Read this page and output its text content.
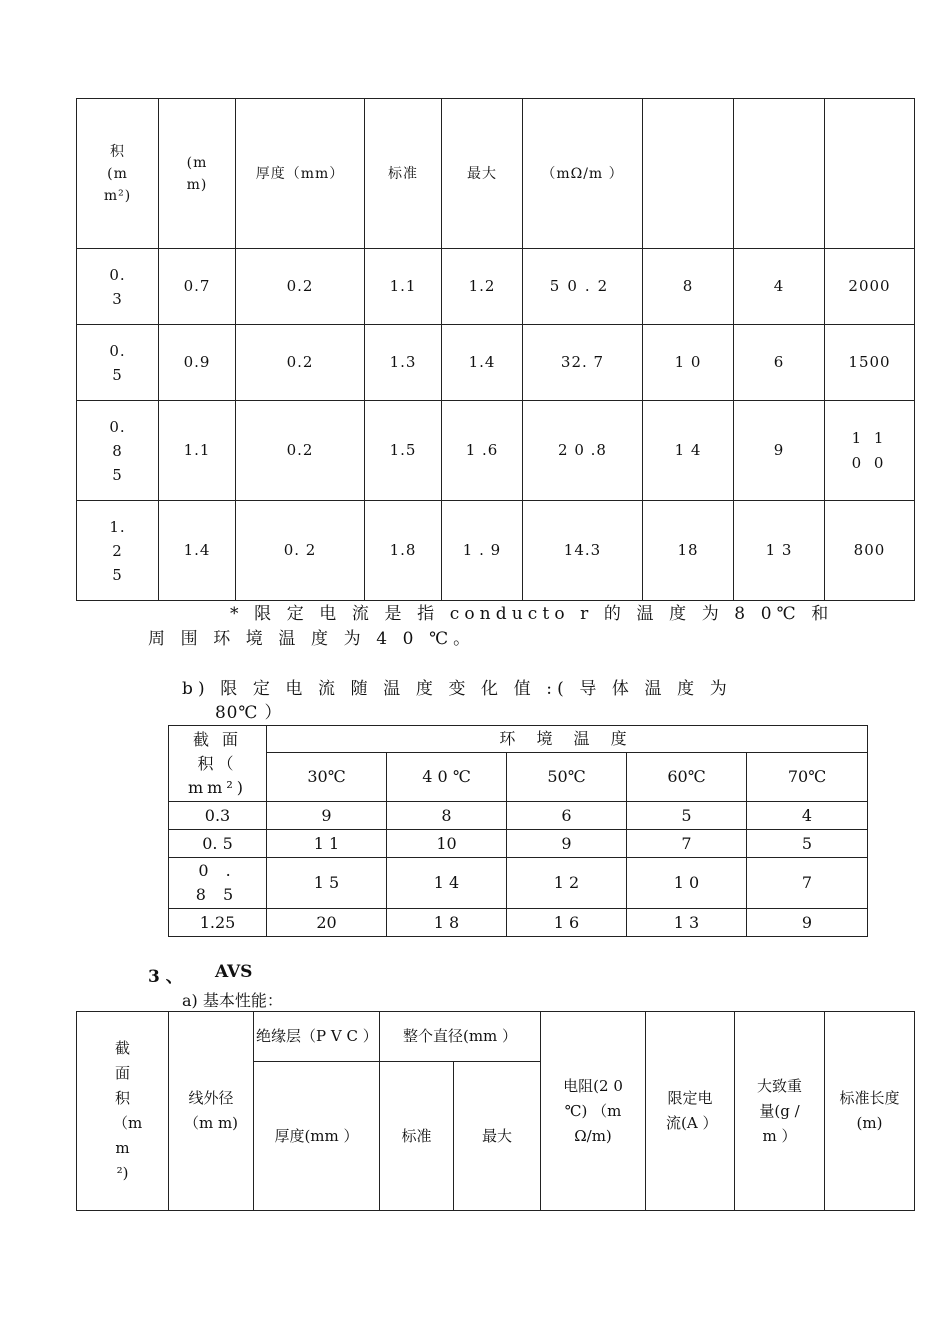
积(mm²)	(mm)	厚度（mm）	标准	最大	（mΩ/m ）			
0.3	0.7	0.2	1.1	1.2	50.2	8	4	2000
0.5	0.9	0.2	1.3	1.4	32. 7	1 0	6	1500
0.85	1.1	0.2	1.5	1 .6	2 0 .8	1 4	9	1 1 0 0
1.25	1.4	0. 2	1.8	1 . 9	14.3	18	1 3	800
* 限 定 电 流 是 指 conducto r 的 温 度 为 8 0℃ 和
周 围 环 境 温 度 为 4 0 ℃。
b) 限 定 电 流 随 温 度 变 化 值 :( 导 体 温 度 为
80℃ ）
截 面 积（ mm²)	环 境 温 度				
	30℃	4 0 ℃	50℃	60℃	70℃
0.3	9	8	6	5	4
0. 5	1 1	10	9	7	5
0 . 8 5	1 5	1 4	1 2	1 0	7
1.25	20	1 8	1 6	1 3	9
3 、 AVS
a) 基本性能：
截面积（mm²)	线外径（m m)	绝缘层（P V C ）	整个直径(mm ）		电阻(2 0 ℃) （m Ω/m)	限定电流(A ）	大致重量(g / m ）	标准长度(m)
		厚度(mm ）	标准	最大				
